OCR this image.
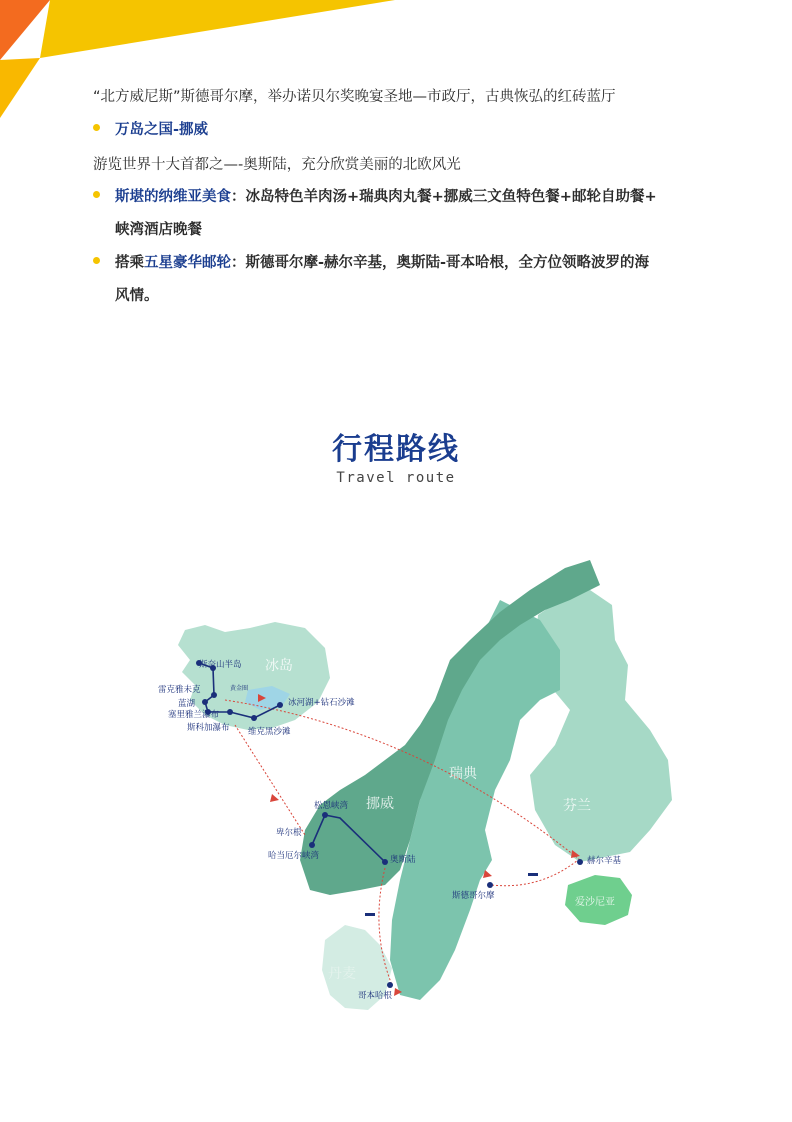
“北方威尼斯”斯德哥尔摩，举办诺贝尔奖晚宴圣地—市政厅，古典恢弘的红砖蓝厅
万岛之国-挪威
游览世界十大首都之—-奥斯陆，充分欣赏美丽的北欧风光
斯堪的纳维亚美食：冰岛特色羊肉汤+瑞典肉丸餐+挪威三文鱼特色餐+邮轮自助餐+
峡湾酒店晚餐
搭乘五星豪华邮轮：斯德哥尔摩-赫尔辛基，奥斯陆-哥本哈根，全方位领略波罗的海
风情。
行程路线
Travel route
冰岛
挪威
瑞典
芬兰
丹麦
爱沙尼亚
斯奈山半岛
雷克雅未克	黄金圈
蓝湖
塞里雅兰瀑布
斯科加瀑布 维克黑沙滩
冰河湖+钻石沙滩
松恩峡湾
卑尔根
哈当厄尔峡湾	奥斯陆
斯德哥尔摩
赫尔辛基
哥本哈根
